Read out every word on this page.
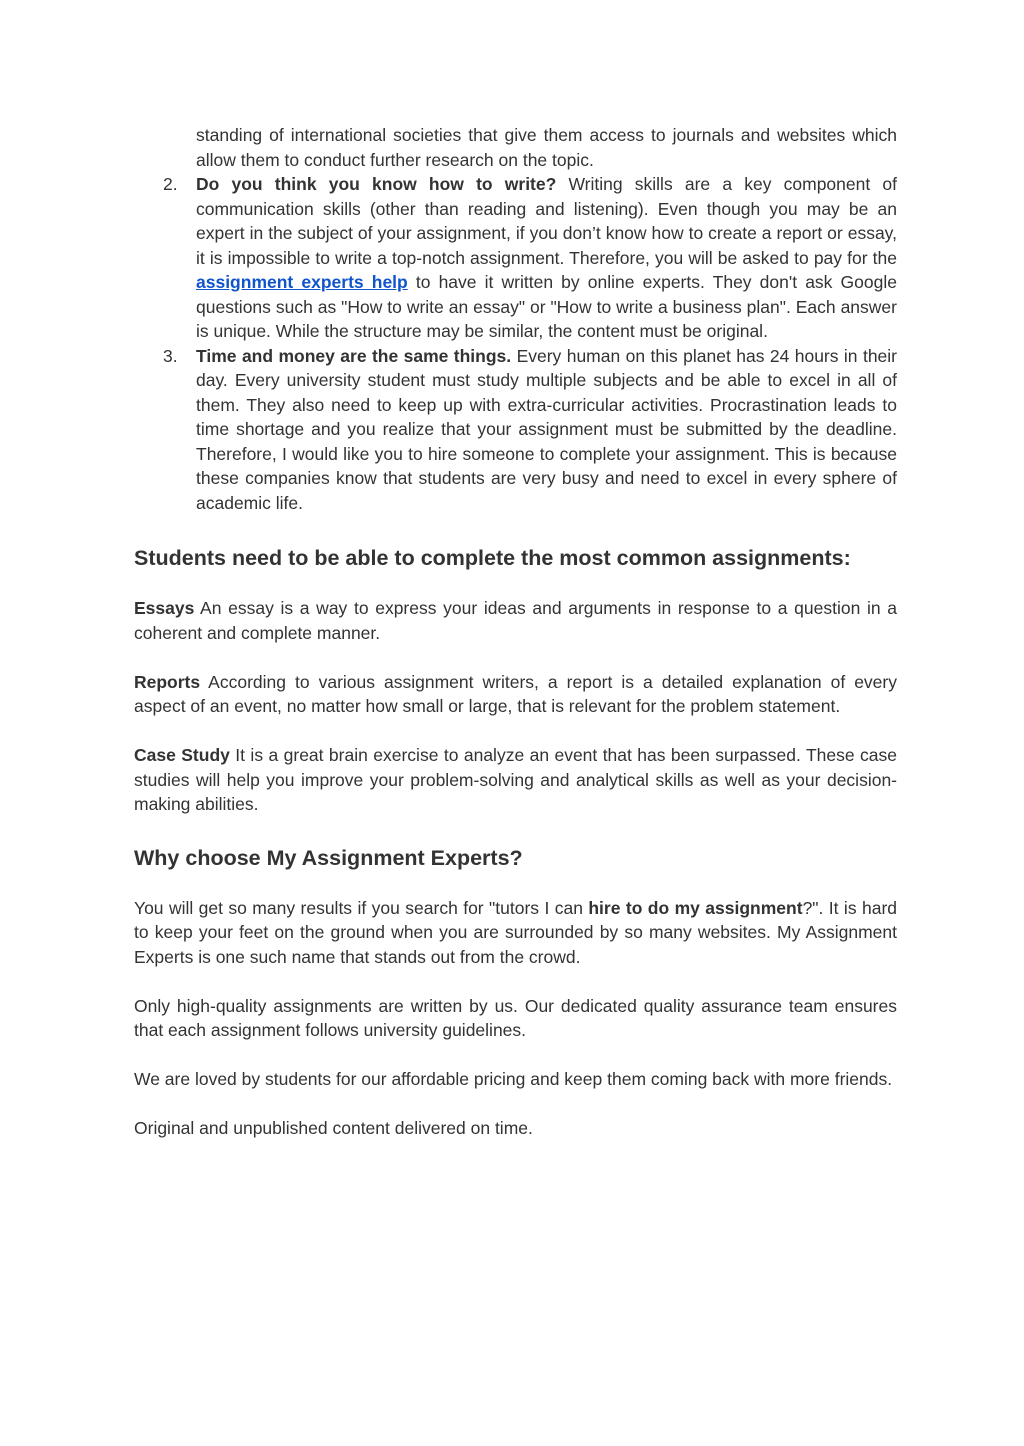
standing of international societies that give them access to journals and websites which allow them to conduct further research on the topic.
2. Do you think you know how to write? Writing skills are a key component of communication skills (other than reading and listening). Even though you may be an expert in the subject of your assignment, if you don’t know how to create a report or essay, it is impossible to write a top-notch assignment. Therefore, you will be asked to pay for the assignment experts help to have it written by online experts. They don't ask Google questions such as "How to write an essay" or "How to write a business plan". Each answer is unique. While the structure may be similar, the content must be original.
3. Time and money are the same things. Every human on this planet has 24 hours in their day. Every university student must study multiple subjects and be able to excel in all of them. They also need to keep up with extra-curricular activities. Procrastination leads to time shortage and you realize that your assignment must be submitted by the deadline. Therefore, I would like you to hire someone to complete your assignment. This is because these companies know that students are very busy and need to excel in every sphere of academic life.
Students need to be able to complete the most common assignments:

Essays An essay is a way to express your ideas and arguments in response to a question in a coherent and complete manner.

Reports According to various assignment writers, a report is a detailed explanation of every aspect of an event, no matter how small or large, that is relevant for the problem statement.

Case Study It is a great brain exercise to analyze an event that has been surpassed. These case studies will help you improve your problem-solving and analytical skills as well as your decision-making abilities.

Why choose My Assignment Experts?

You will get so many results if you search for "tutors I can hire to do my assignment?". It is hard to keep your feet on the ground when you are surrounded by so many websites. My Assignment Experts is one such name that stands out from the crowd.

Only high-quality assignments are written by us. Our dedicated quality assurance team ensures that each assignment follows university guidelines.

We are loved by students for our affordable pricing and keep them coming back with more friends.

Original and unpublished content delivered on time.
